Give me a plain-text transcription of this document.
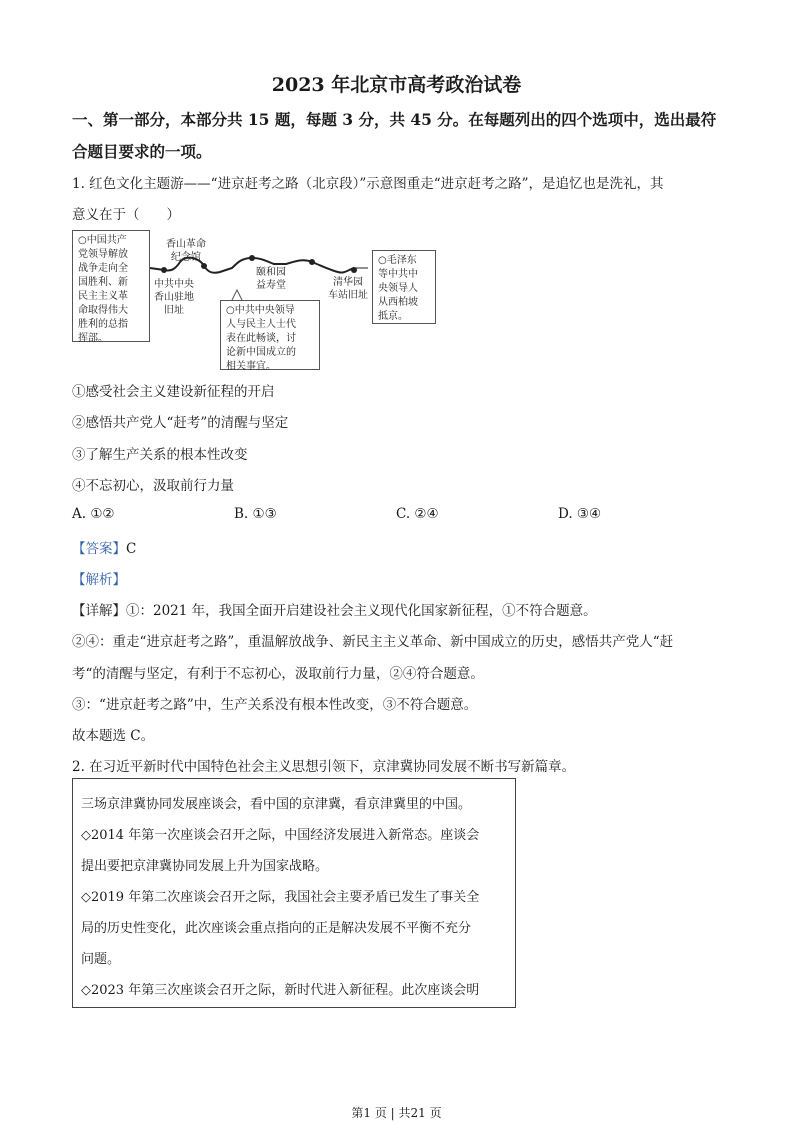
2023 年北京市高考政治试卷
一、第一部分，本部分共 15 题，每题 3 分，共 45 分。在每题列出的四个选项中，选出最符
合题目要求的一项。
1. 红色文化主题游——“进京赶考之路（北京段）”示意图重走“进京赶考之路”，是追忆也是洗礼，其
意义在于（　　）
○中国共产
党领导解放
战争走向全
国胜利、新
民主主义革
命取得伟大
胜利的总指
挥部。
香山革命
纪念馆
中共中央
香山驻地
旧址
颐和园
益寿堂	清华园
车站旧址
○中共中央领导
人与民主人士代
表在此畅谈，讨
论新中国成立的
相关事宜。
○毛泽东
等中共中
央领导人
从西柏坡
抵京。
①感受社会主义建设新征程的开启
②感悟共产党人“赶考”的清醒与坚定
③了解生产关系的根本性改变
④不忘初心，汲取前行力量
A. ①②	B. ①③	C. ②④	D. ③④
【答案】C
【解析】
【详解】①：2021 年，我国全面开启建设社会主义现代化国家新征程，①不符合题意。
②④：重走“进京赶考之路”，重温解放战争、新民主主义革命、新中国成立的历史，感悟共产党人“赶
考“的清醒与坚定，有利于不忘初心，汲取前行力量，②④符合题意。
③：“进京赶考之路”中，生产关系没有根本性改变，③不符合题意。
故本题选 C。
2. 在习近平新时代中国特色社会主义思想引领下，京津冀协同发展不断书写新篇章。
三场京津冀协同发展座谈会，看中国的京津冀，看京津冀里的中国。
◇2014 年第一次座谈会召开之际，中国经济发展进入新常态。座谈会
提出要把京津冀协同发展上升为国家战略。
◇2019 年第二次座谈会召开之际，我国社会主要矛盾已发生了事关全
局的历史性变化，此次座谈会重点指向的正是解决发展不平衡不充分
问题。
◇2023 年第三次座谈会召开之际，新时代进入新征程。此次座谈会明
第1 页 | 共21 页
